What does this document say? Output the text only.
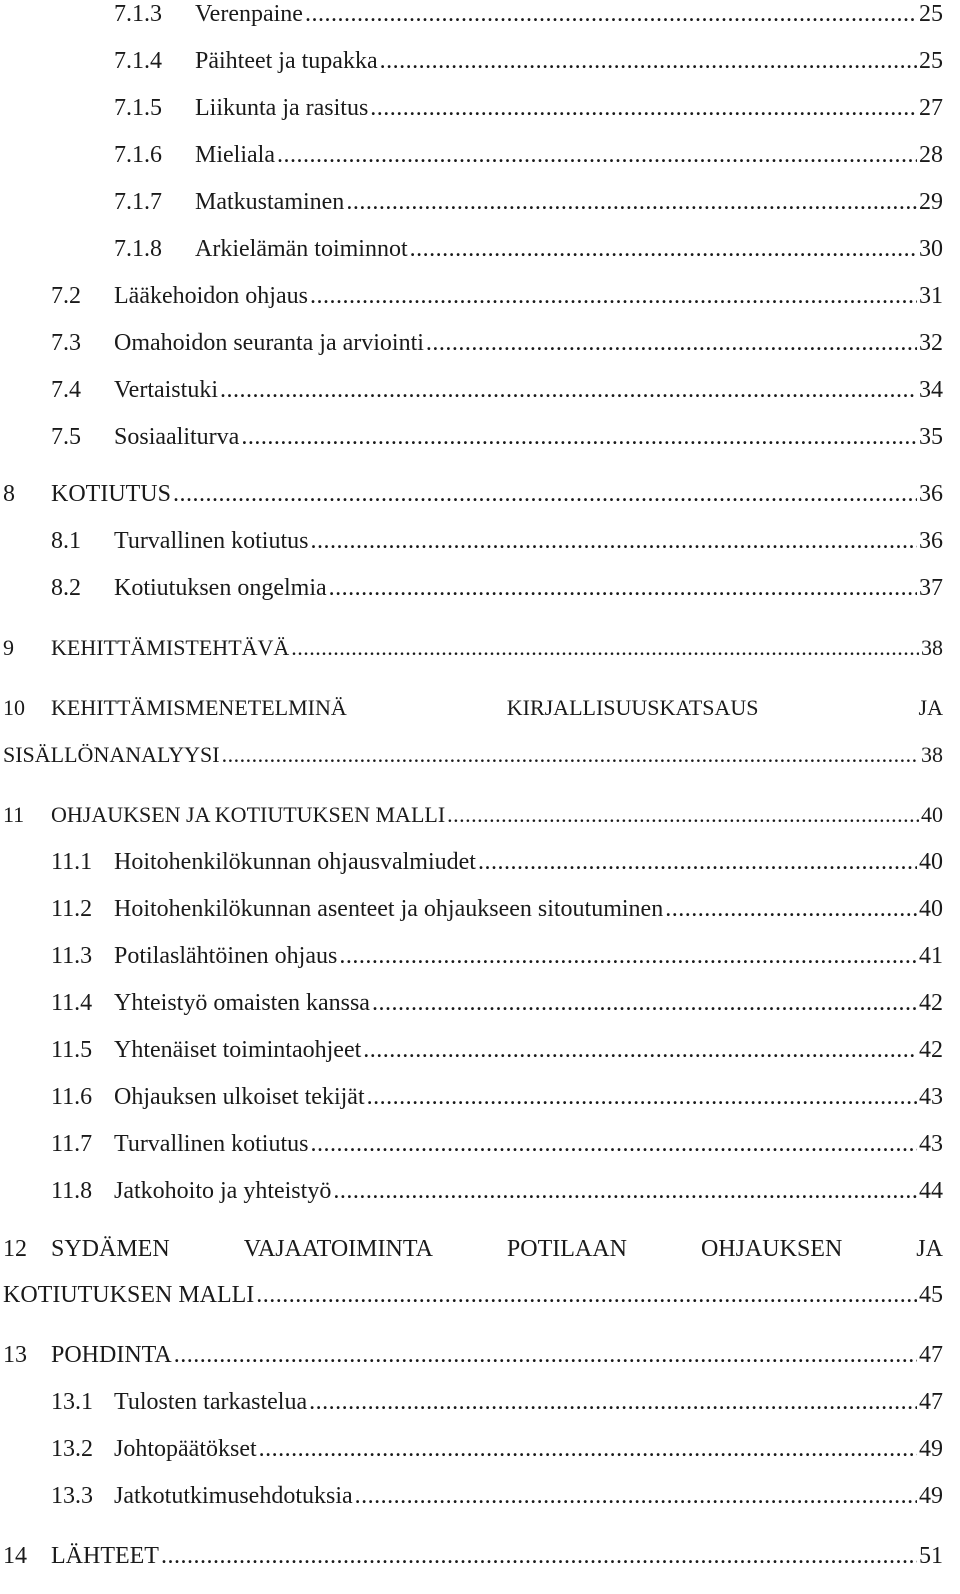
7.1.3 Verenpaine .....	25
7.1.4 Päihteet ja tupakka .....	25
7.1.5 Liikunta ja rasitus .....	27
7.1.6 Mieliala .....	28
7.1.7 Matkustaminen .....	29
7.1.8 Arkielämän toiminnot .....	30
7.2 Lääkehoidon ohjaus .....	31
7.3 Omahoidon seuranta ja arviointi .....	32
7.4 Vertaistuki .....	34
7.5 Sosiaaliturva .....	35
8 KOTIUTUS .....	36
8.1 Turvallinen kotiutus .....	36
8.2 Kotiutuksen ongelmia .....	37
9 KEHITTÄMISTEHTÄVÄ .....	38
10 KEHITTÄMISMENETELMINÄ	KIRJALLISUUSKATSAUS	JA
SISÄLLÖNANALYYSI .....	38
11 OHJAUKSEN JA KOTIUTUKSEN MALLI .....	40
11.1 Hoitohenkilökunnan ohjausvalmiudet .....	40
11.2 Hoitohenkilökunnan asenteet ja ohjaukseen sitoutuminen .....	40
11.3 Potilaslähtöinen ohjaus .....	41
11.4 Yhteistyö omaisten kanssa .....	42
11.5 Yhtenäiset toimintaohjeet .....	42
11.6 Ohjauksen ulkoiset tekijät .....	43
11.7 Turvallinen kotiutus .....	43
11.8 Jatkohoito ja yhteistyö .....	44
12 SYDÄMEN	VAJAATOIMINTA	POTILAAN	OHJAUKSEN	JA
KOTIUTUKSEN MALLI .....	45
13 POHDINTA .....	47
13.1 Tulosten tarkastelua .....	47
13.2 Johtopäätökset .....	49
13.3 Jatkotutkimusehdotuksia .....	49
14 LÄHTEET .....	51
